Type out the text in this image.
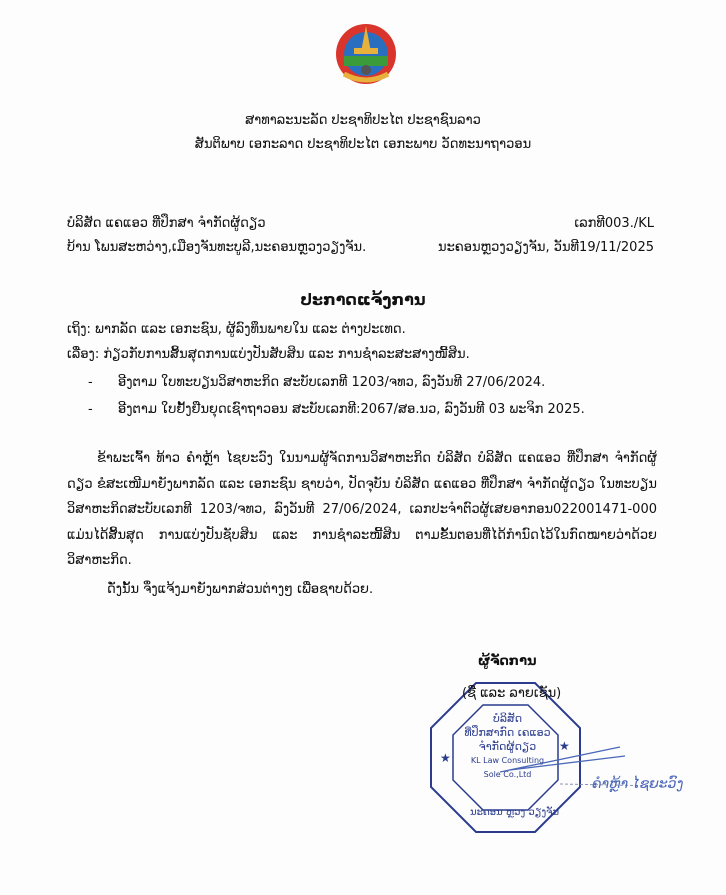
ສາທາລະນະລັດ ປະຊາທິປະໄຕ ປະຊາຊົນລາວ
ສັນຕິພາບ ເອກະລາດ ປະຊາທິປະໄຕ ເອກະພາບ ວັດທະນາຖາວອນ
ບໍລິສັດ ແຄແອວ ທີ່ປຶກສາ ຈໍາກັດຜູ້ດຽວ
ບ້ານ ໂພນສະຫວ່າງ,ເມືອງຈັນທະບູລີ,ນະຄອນຫຼວງວຽງຈັນ.
ເລກທີ003./KL
ນະຄອນຫຼວງວຽງຈັນ, ວັນທີ19/11/2025
ປະກາດແຈ້ງການ
ເຖິງ: ພາກລັດ ແລະ ເອກະຊົນ, ຜູ້ລົງທຶນພາຍໃນ ແລະ ຕ່າງປະເທດ.
ເລື່ອງ: ກ່ຽວກັບການສິ້ນສຸດການແບ່ງປັນສັບສິນ ແລະ ການຊໍາລະສະສາງໜີ້ສິນ.
- ອີງຕາມ ໃບທະບຽນວິສາຫະກິດ ສະບັບເລກທີ 1203/ຈທວ, ລົງວັນທີ 27/06/2024.
- ອີງຕາມ ໃບຢັ້ງຢືນຍຸດເຊົາຖາວອນ ສະບັບເລກທີ:2067/ສອ.ນວ, ລົງວັນທີ 03 ພະຈິກ 2025.
ຂ້າພະເຈົ້າ ທ້າວ ຄໍາຫຼ້າ ໄຊຍະວົງ ໃນນາມຜູ້ຈັດການວິສາຫະກິດ ບໍລິສັດ ບໍລິສັດ ແຄແອວ ທີ່ປຶກສາ ຈໍາກັດຜູ້ດຽວ ຂໍສະເໜີມາຍັງພາກລັດ ແລະ ເອກະຊົນ ຊາບວ່າ, ປັດຈຸບັນ ບໍລິສັດ ແຄແອວ ທີ່ປຶກສາ ຈໍາກັດຜູ້ດຽວ ໃນທະບຽນວິສາຫະກິດສະບັບເລກທີ 1203/ຈທວ, ລົງວັນທີ 27/06/2024, ເລກປະຈໍາຕົວຜູ້ເສຍອາກອນ022001471-000 ແມ່ນໄດ້ສິ້ນສຸດ ການແບ່ງປັນຊັບສິນ ແລະ ການຊໍາລະໜີ້ສິນ ຕາມຂັ້ນຕອນທີ່ໄດ້ກໍານົດໄວ້ໃນກົດໝາຍວ່າດ້ວຍວິສາຫະກິດ.
ດັ່ງນັ້ນ ຈຶ່ງແຈ້ງມາຍັງພາກສ່ວນຕ່າງໆ ເພື່ອຊາບດ້ວຍ.
ຜູ້ຈັດການ
★
★
(ຊື່ ແລະ ລາຍເຊັນ)
ບໍລິສັດ
ທີ່ປຶກສາກົດ ເຄແອວ
ຈໍາກັດຜູ້ດຽວ
KL Law Consulting
Sole Co.,Ltd
ນະຄອນ ຫຼວງ ວຽງຈັນ
ຄໍາຫຼ້າ ໄຊຍະວົງ
